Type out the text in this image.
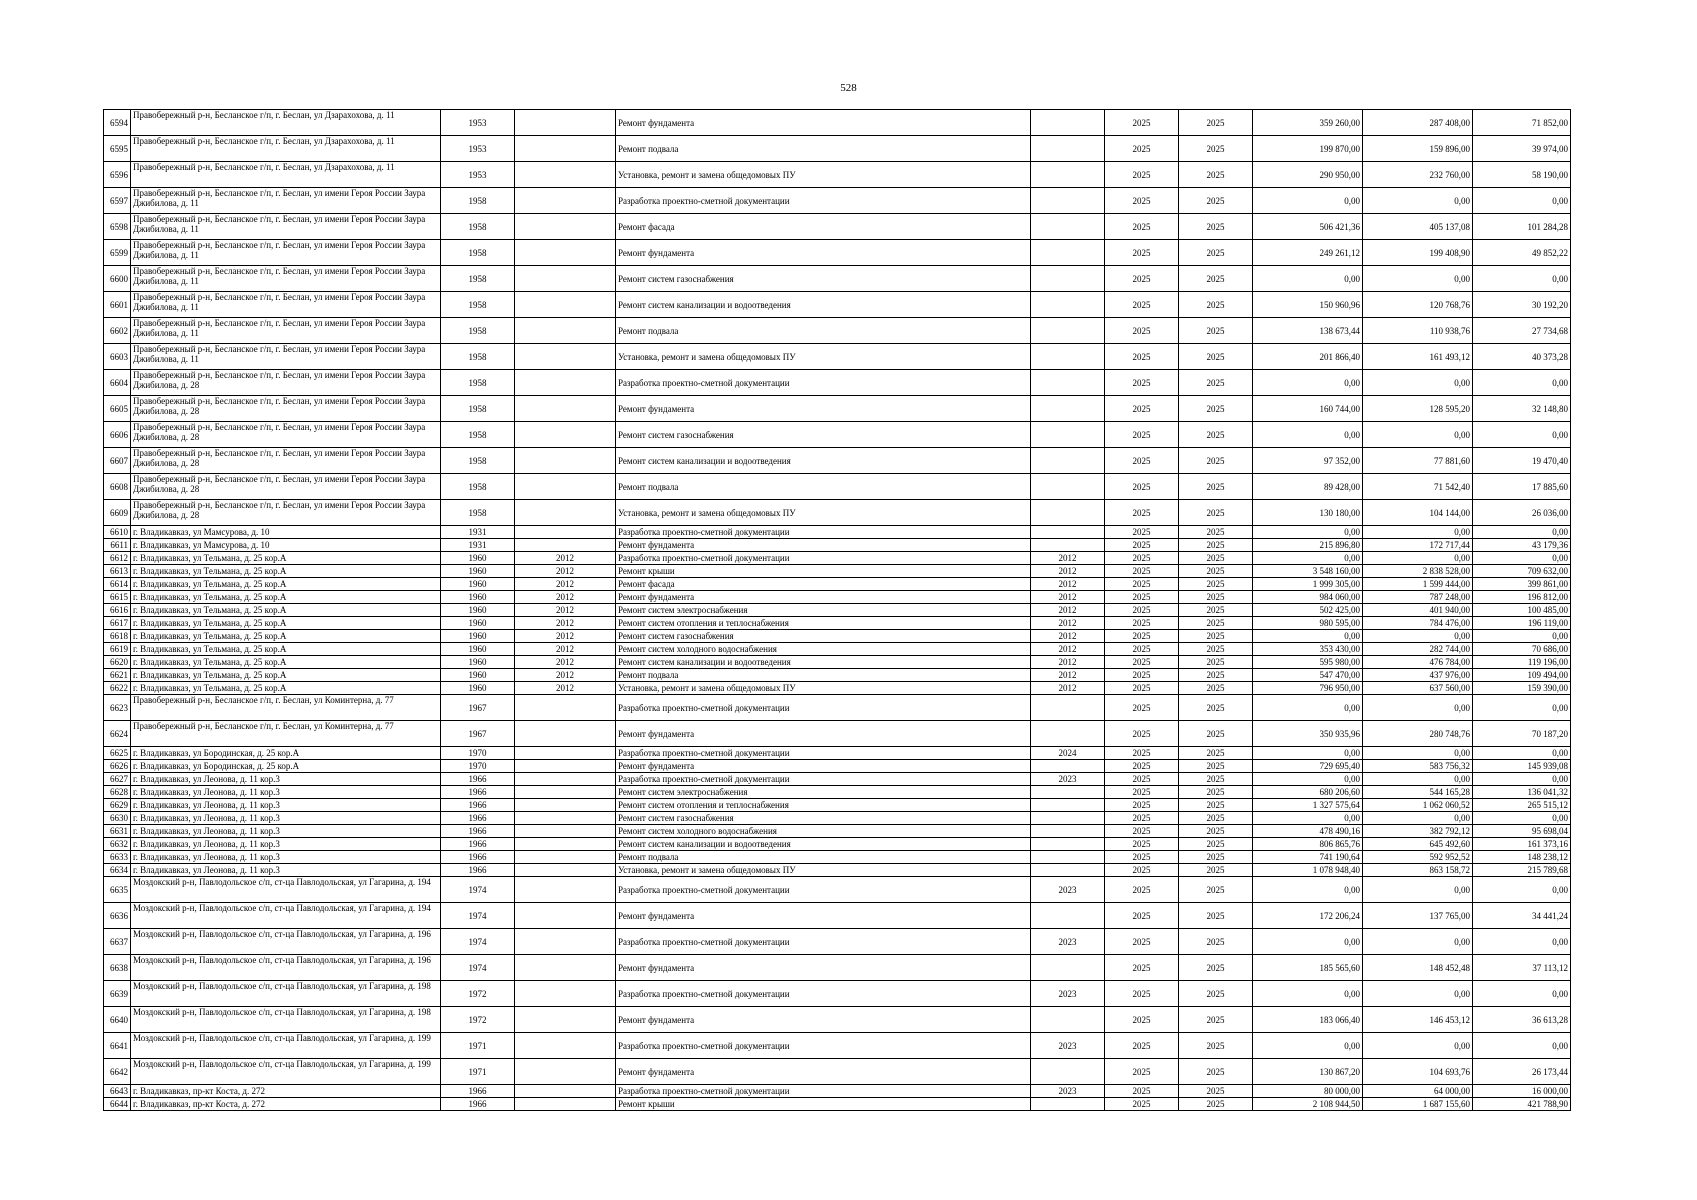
528
6594	Правобережный р-н, Бесланское г/п, г. Беслан, ул Дзарахохова, д. 11	1953		Ремонт фундамента		2025	2025	359 260,00	287 408,00	71 852,00
6595	Правобережный р-н, Бесланское г/п, г. Беслан, ул Дзарахохова, д. 11	1953		Ремонт подвала		2025	2025	199 870,00	159 896,00	39 974,00
6596	Правобережный р-н, Бесланское г/п, г. Беслан, ул Дзарахохова, д. 11	1953		Установка, ремонт и замена общедомовых ПУ		2025	2025	290 950,00	232 760,00	58 190,00
6597	Правобережный р-н, Бесланское г/п, г. Беслан, ул имени Героя России Заура Джибилова, д. 11	1958		Разработка проектно-сметной документации		2025	2025	0,00	0,00	0,00
6598	Правобережный р-н, Бесланское г/п, г. Беслан, ул имени Героя России Заура Джибилова, д. 11	1958		Ремонт фасада		2025	2025	506 421,36	405 137,08	101 284,28
6599	Правобережный р-н, Бесланское г/п, г. Беслан, ул имени Героя России Заура Джибилова, д. 11	1958		Ремонт фундамента		2025	2025	249 261,12	199 408,90	49 852,22
6600	Правобережный р-н, Бесланское г/п, г. Беслан, ул имени Героя России Заура Джибилова, д. 11	1958		Ремонт систем газоснабжения		2025	2025	0,00	0,00	0,00
6601	Правобережный р-н, Бесланское г/п, г. Беслан, ул имени Героя России Заура Джибилова, д. 11	1958		Ремонт систем канализации и водоотведения		2025	2025	150 960,96	120 768,76	30 192,20
6602	Правобережный р-н, Бесланское г/п, г. Беслан, ул имени Героя России Заура Джибилова, д. 11	1958		Ремонт подвала		2025	2025	138 673,44	110 938,76	27 734,68
6603	Правобережный р-н, Бесланское г/п, г. Беслан, ул имени Героя России Заура Джибилова, д. 11	1958		Установка, ремонт и замена общедомовых ПУ		2025	2025	201 866,40	161 493,12	40 373,28
6604	Правобережный р-н, Бесланское г/п, г. Беслан, ул имени Героя России Заура Джибилова, д. 28	1958		Разработка проектно-сметной документации		2025	2025	0,00	0,00	0,00
6605	Правобережный р-н, Бесланское г/п, г. Беслан, ул имени Героя России Заура Джибилова, д. 28	1958		Ремонт фундамента		2025	2025	160 744,00	128 595,20	32 148,80
6606	Правобережный р-н, Бесланское г/п, г. Беслан, ул имени Героя России Заура Джибилова, д. 28	1958		Ремонт систем газоснабжения		2025	2025	0,00	0,00	0,00
6607	Правобережный р-н, Бесланское г/п, г. Беслан, ул имени Героя России Заура Джибилова, д. 28	1958		Ремонт систем канализации и водоотведения		2025	2025	97 352,00	77 881,60	19 470,40
6608	Правобережный р-н, Бесланское г/п, г. Беслан, ул имени Героя России Заура Джибилова, д. 28	1958		Ремонт подвала		2025	2025	89 428,00	71 542,40	17 885,60
6609	Правобережный р-н, Бесланское г/п, г. Беслан, ул имени Героя России Заура Джибилова, д. 28	1958		Установка, ремонт и замена общедомовых ПУ		2025	2025	130 180,00	104 144,00	26 036,00
6610	г. Владикавказ, ул Мамсурова, д. 10	1931		Разработка проектно-сметной документации		2025	2025	0,00	0,00	0,00
6611	г. Владикавказ, ул Мамсурова, д. 10	1931		Ремонт фундамента		2025	2025	215 896,80	172 717,44	43 179,36
6612	г. Владикавказ, ул Тельмана, д. 25 кор.А	1960	2012	Разработка проектно-сметной документации	2012	2025	2025	0,00	0,00	0,00
6613	г. Владикавказ, ул Тельмана, д. 25 кор.А	1960	2012	Ремонт крыши	2012	2025	2025	3 548 160,00	2 838 528,00	709 632,00
6614	г. Владикавказ, ул Тельмана, д. 25 кор.А	1960	2012	Ремонт фасада	2012	2025	2025	1 999 305,00	1 599 444,00	399 861,00
6615	г. Владикавказ, ул Тельмана, д. 25 кор.А	1960	2012	Ремонт фундамента	2012	2025	2025	984 060,00	787 248,00	196 812,00
6616	г. Владикавказ, ул Тельмана, д. 25 кор.А	1960	2012	Ремонт систем электроснабжения	2012	2025	2025	502 425,00	401 940,00	100 485,00
6617	г. Владикавказ, ул Тельмана, д. 25 кор.А	1960	2012	Ремонт систем отопления и теплоснабжения	2012	2025	2025	980 595,00	784 476,00	196 119,00
6618	г. Владикавказ, ул Тельмана, д. 25 кор.А	1960	2012	Ремонт систем газоснабжения	2012	2025	2025	0,00	0,00	0,00
6619	г. Владикавказ, ул Тельмана, д. 25 кор.А	1960	2012	Ремонт систем холодного водоснабжения	2012	2025	2025	353 430,00	282 744,00	70 686,00
6620	г. Владикавказ, ул Тельмана, д. 25 кор.А	1960	2012	Ремонт систем канализации и водоотведения	2012	2025	2025	595 980,00	476 784,00	119 196,00
6621	г. Владикавказ, ул Тельмана, д. 25 кор.А	1960	2012	Ремонт подвала	2012	2025	2025	547 470,00	437 976,00	109 494,00
6622	г. Владикавказ, ул Тельмана, д. 25 кор.А	1960	2012	Установка, ремонт и замена общедомовых ПУ	2012	2025	2025	796 950,00	637 560,00	159 390,00
6623	Правобережный р-н, Бесланское г/п, г. Беслан, ул Коминтерна, д. 77	1967		Разработка проектно-сметной документации		2025	2025	0,00	0,00	0,00
6624	Правобережный р-н, Бесланское г/п, г. Беслан, ул Коминтерна, д. 77	1967		Ремонт фундамента		2025	2025	350 935,96	280 748,76	70 187,20
6625	г. Владикавказ, ул Бородинская, д. 25 кор.А	1970		Разработка проектно-сметной документации	2024	2025	2025	0,00	0,00	0,00
6626	г. Владикавказ, ул Бородинская, д. 25 кор.А	1970		Ремонт фундамента		2025	2025	729 695,40	583 756,32	145 939,08
6627	г. Владикавказ, ул Леонова, д. 11 кор.3	1966		Разработка проектно-сметной документации	2023	2025	2025	0,00	0,00	0,00
6628	г. Владикавказ, ул Леонова, д. 11 кор.3	1966		Ремонт систем электроснабжения		2025	2025	680 206,60	544 165,28	136 041,32
6629	г. Владикавказ, ул Леонова, д. 11 кор.3	1966		Ремонт систем отопления и теплоснабжения		2025	2025	1 327 575,64	1 062 060,52	265 515,12
6630	г. Владикавказ, ул Леонова, д. 11 кор.3	1966		Ремонт систем газоснабжения		2025	2025	0,00	0,00	0,00
6631	г. Владикавказ, ул Леонова, д. 11 кор.3	1966		Ремонт систем холодного водоснабжения		2025	2025	478 490,16	382 792,12	95 698,04
6632	г. Владикавказ, ул Леонова, д. 11 кор.3	1966		Ремонт систем канализации и водоотведения		2025	2025	806 865,76	645 492,60	161 373,16
6633	г. Владикавказ, ул Леонова, д. 11 кор.3	1966		Ремонт подвала		2025	2025	741 190,64	592 952,52	148 238,12
6634	г. Владикавказ, ул Леонова, д. 11 кор.3	1966		Установка, ремонт и замена общедомовых ПУ		2025	2025	1 078 948,40	863 158,72	215 789,68
6635	Моздокский р-н, Павлодольское с/п, ст-ца Павлодольская, ул Гагарина, д. 194	1974		Разработка проектно-сметной документации	2023	2025	2025	0,00	0,00	0,00
6636	Моздокский р-н, Павлодольское с/п, ст-ца Павлодольская, ул Гагарина, д. 194	1974		Ремонт фундамента		2025	2025	172 206,24	137 765,00	34 441,24
6637	Моздокский р-н, Павлодольское с/п, ст-ца Павлодольская, ул Гагарина, д. 196	1974		Разработка проектно-сметной документации	2023	2025	2025	0,00	0,00	0,00
6638	Моздокский р-н, Павлодольское с/п, ст-ца Павлодольская, ул Гагарина, д. 196	1974		Ремонт фундамента		2025	2025	185 565,60	148 452,48	37 113,12
6639	Моздокский р-н, Павлодольское с/п, ст-ца Павлодольская, ул Гагарина, д. 198	1972		Разработка проектно-сметной документации	2023	2025	2025	0,00	0,00	0,00
6640	Моздокский р-н, Павлодольское с/п, ст-ца Павлодольская, ул Гагарина, д. 198	1972		Ремонт фундамента		2025	2025	183 066,40	146 453,12	36 613,28
6641	Моздокский р-н, Павлодольское с/п, ст-ца Павлодольская, ул Гагарина, д. 199	1971		Разработка проектно-сметной документации	2023	2025	2025	0,00	0,00	0,00
6642	Моздокский р-н, Павлодольское с/п, ст-ца Павлодольская, ул Гагарина, д. 199	1971		Ремонт фундамента		2025	2025	130 867,20	104 693,76	26 173,44
6643	г. Владикавказ, пр-кт Коста, д. 272	1966		Разработка проектно-сметной документации	2023	2025	2025	80 000,00	64 000,00	16 000,00
6644	г. Владикавказ, пр-кт Коста, д. 272	1966		Ремонт крыши		2025	2025	2 108 944,50	1 687 155,60	421 788,90
